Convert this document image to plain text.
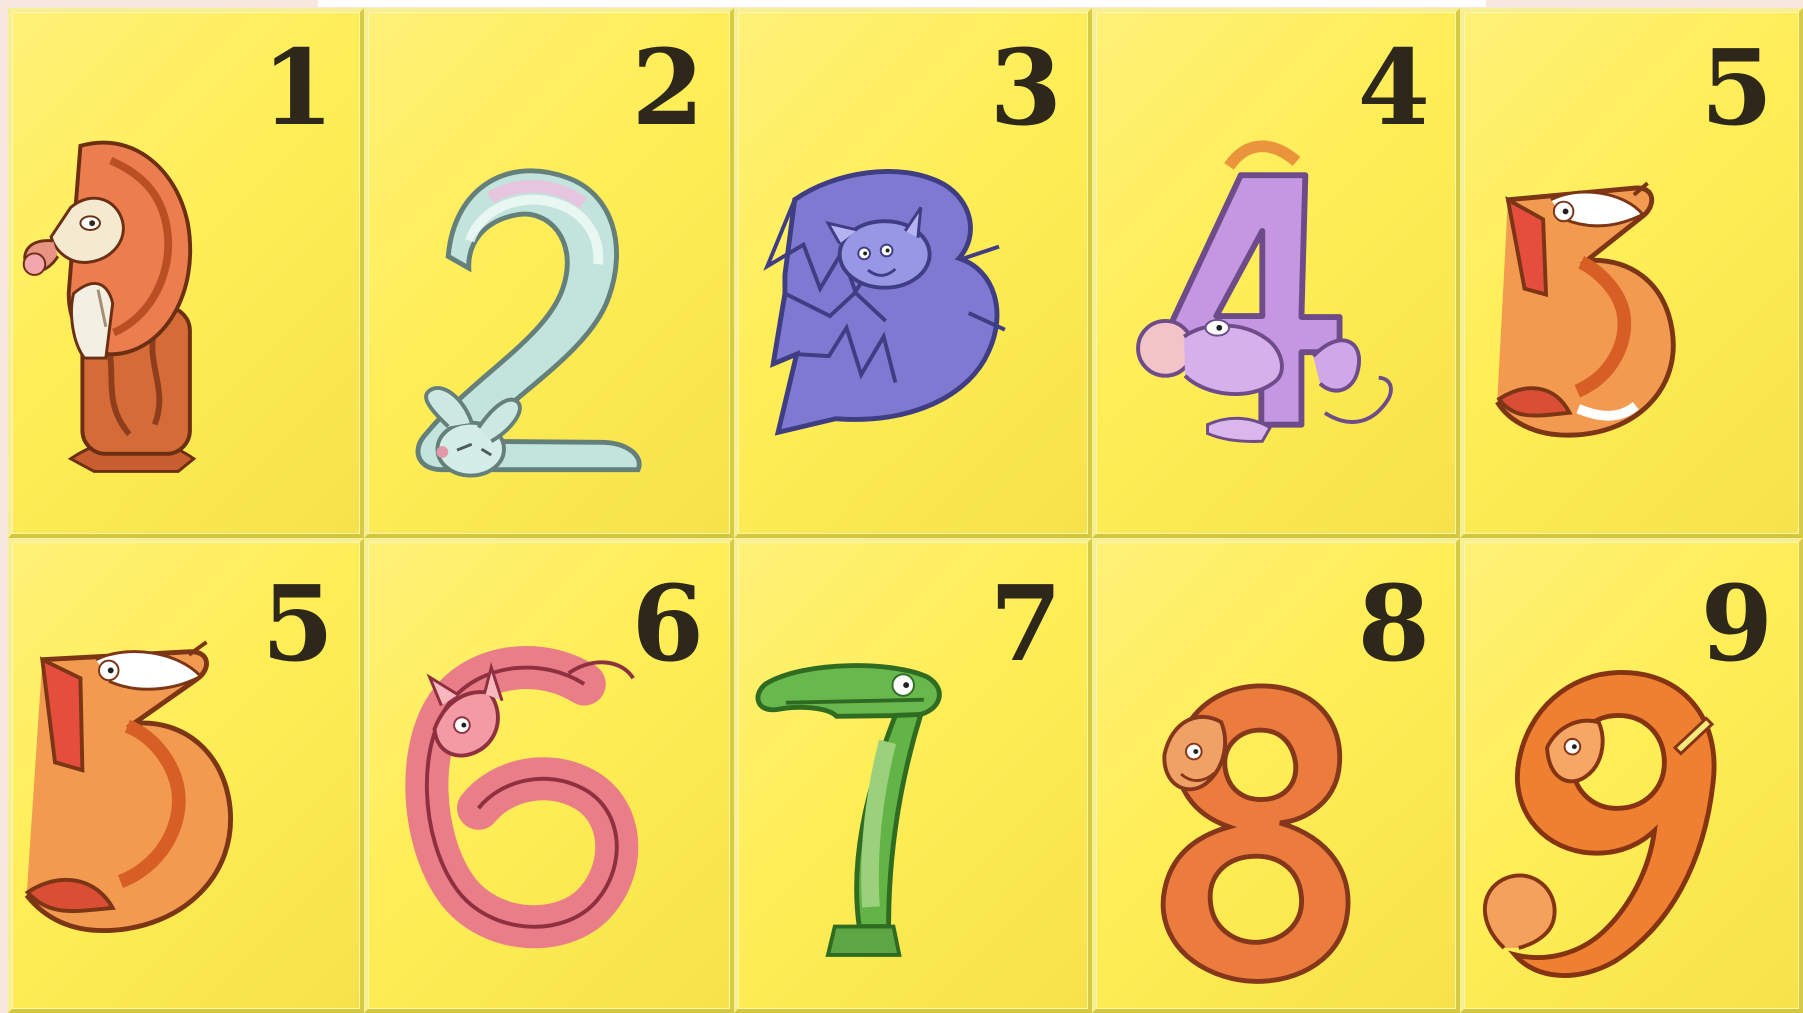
1	2	3	4	5
5	6	7	8	9
